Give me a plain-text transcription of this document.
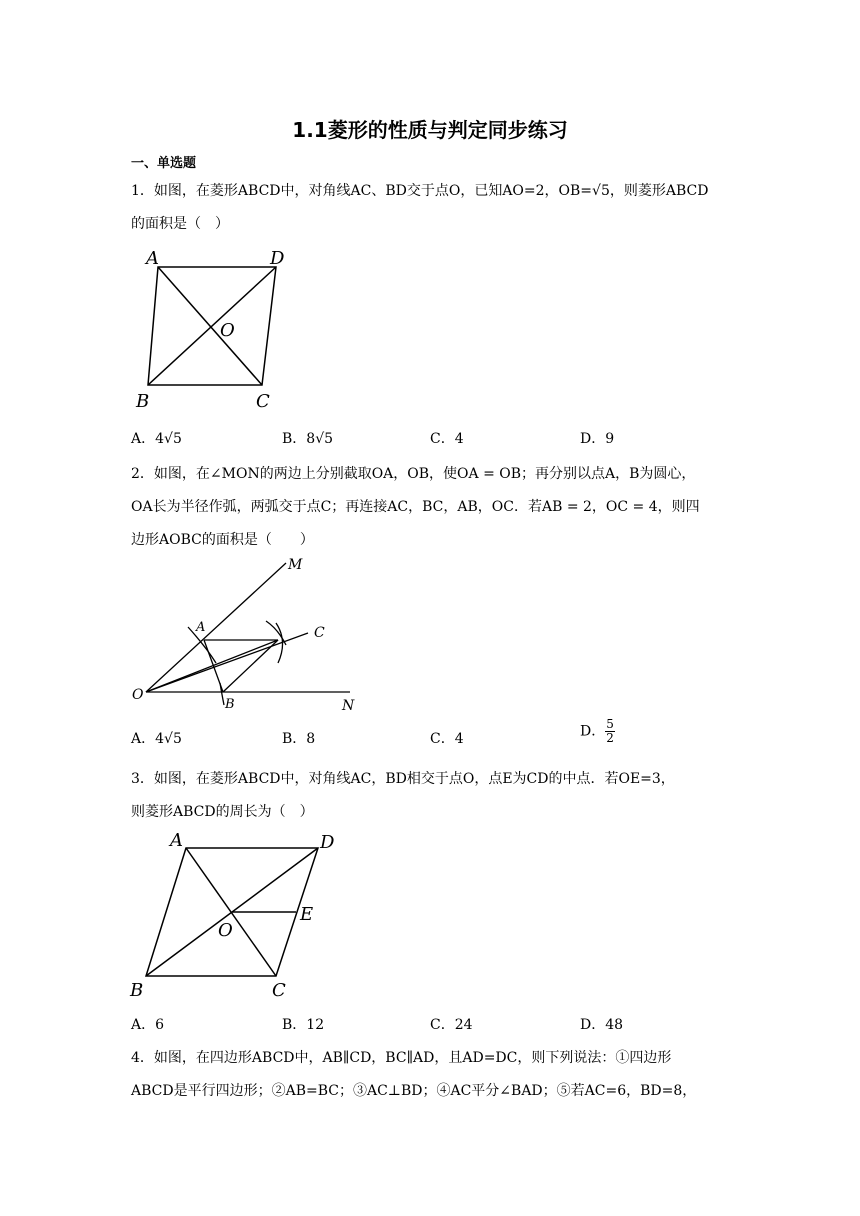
1.1菱形的性质与判定同步练习
一、单选题
1．如图，在菱形ABCD中，对角线AC、BD交于点O，已知AO=2，OB=√5，则菱形ABCD
的面积是（　）
A	D
O
B	C
A．4√5	B．8√5	C．4	D．9
2．如图，在∠MON的两边上分别截取OA，OB，使OA = OB；再分别以点A，B为圆心，
OA长为半径作弧，两弧交于点C；再连接AC，BC，AB，OC．若AB = 2，OC = 4，则四
边形AOBC的面积是（　　）
M
A	C
O
B	N
A．4√5	B．8	C．4	D． $\frac{5}{2}$
3．如图，在菱形ABCD中，对角线AC，BD相交于点O，点E为CD的中点．若OE=3，
则菱形ABCD的周长为（　）
A	D
E
O
B	C
A．6	B．12	C．24	D．48
4．如图，在四边形ABCD中，AB∥CD，BC∥AD，且AD=DC，则下列说法：①四边形
ABCD是平行四边形；②AB=BC；③AC⊥BD；④AC平分∠BAD；⑤若AC=6，BD=8，
